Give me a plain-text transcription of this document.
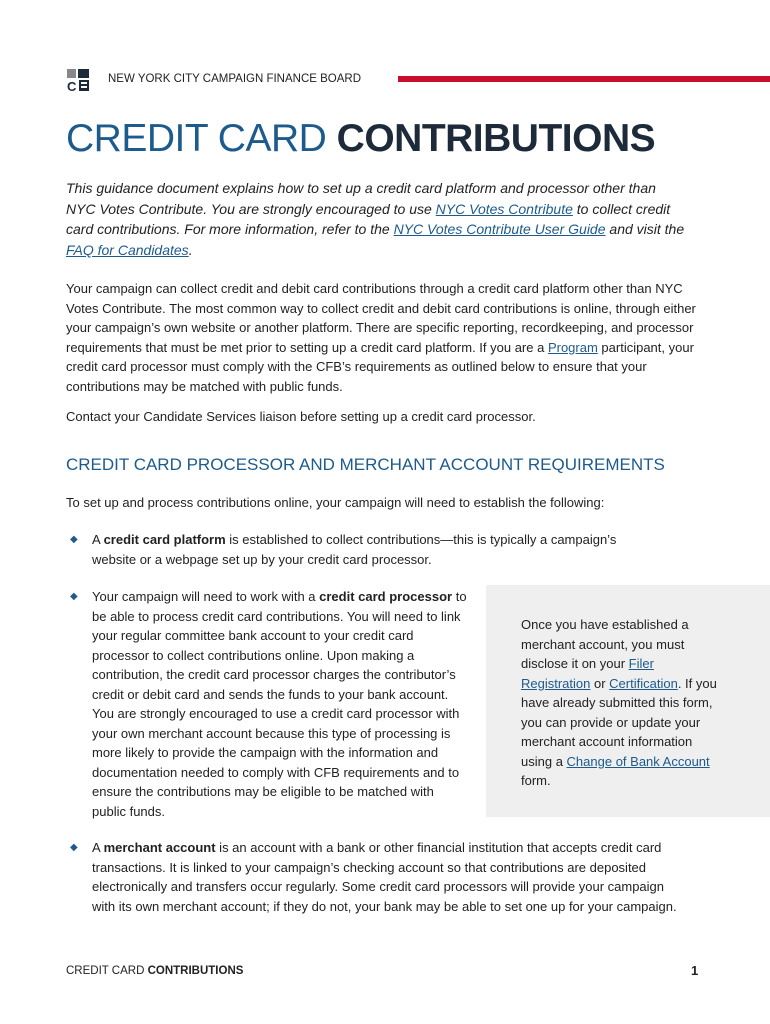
C	NEW YORK CITY CAMPAIGN FINANCE BOARD
CREDIT CARD CONTRIBUTIONS

This guidance document explains how to set up a credit card platform and processor other than NYC Votes Contribute. You are strongly encouraged to use NYC Votes Contribute to collect credit card contributions. For more information, refer to the NYC Votes Contribute User Guide and visit the FAQ for Candidates.

Your campaign can collect credit and debit card contributions through a credit card platform other than NYC Votes Contribute. The most common way to collect credit and debit card contributions is online, through either your campaign’s own website or another platform. There are specific reporting, recordkeeping, and processor requirements that must be met prior to setting up a credit card platform. If you are a Program participant, your credit card processor must comply with the CFB’s requirements as outlined below to ensure that your contributions may be matched with public funds.

Contact your Candidate Services liaison before setting up a credit card processor.

CREDIT CARD PROCESSOR AND MERCHANT ACCOUNT REQUIREMENTS

To set up and process contributions online, your campaign will need to establish the following:

◆ A credit card platform is established to collect contributions—this is typically a campaign’s website or a webpage set up by your credit card processor.

◆ Your campaign will need to work with a credit card processor to be able to process credit card contributions. You will need to link your regular committee bank account to your credit card processor to collect contributions online. Upon making a contribution, the credit card processor charges the contributor’s credit or debit card and sends the funds to your bank account. You are strongly encouraged to use a credit card processor with your own merchant account because this type of processing is more likely to provide the campaign with the information and documentation needed to comply with CFB requirements and to ensure the contributions may be eligible to be matched with public funds.

Once you have established a merchant account, you must disclose it on your Filer Registration or Certification. If you have already submitted this form, you can provide or update your merchant account information using a Change of Bank Account form.

◆ A merchant account is an account with a bank or other financial institution that accepts credit card transactions. It is linked to your campaign’s checking account so that contributions are deposited electronically and transfers occur regularly. Some credit card processors will provide your campaign with its own merchant account; if they do not, your bank may be able to set one up for your campaign.

CREDIT CARD CONTRIBUTIONS	1
